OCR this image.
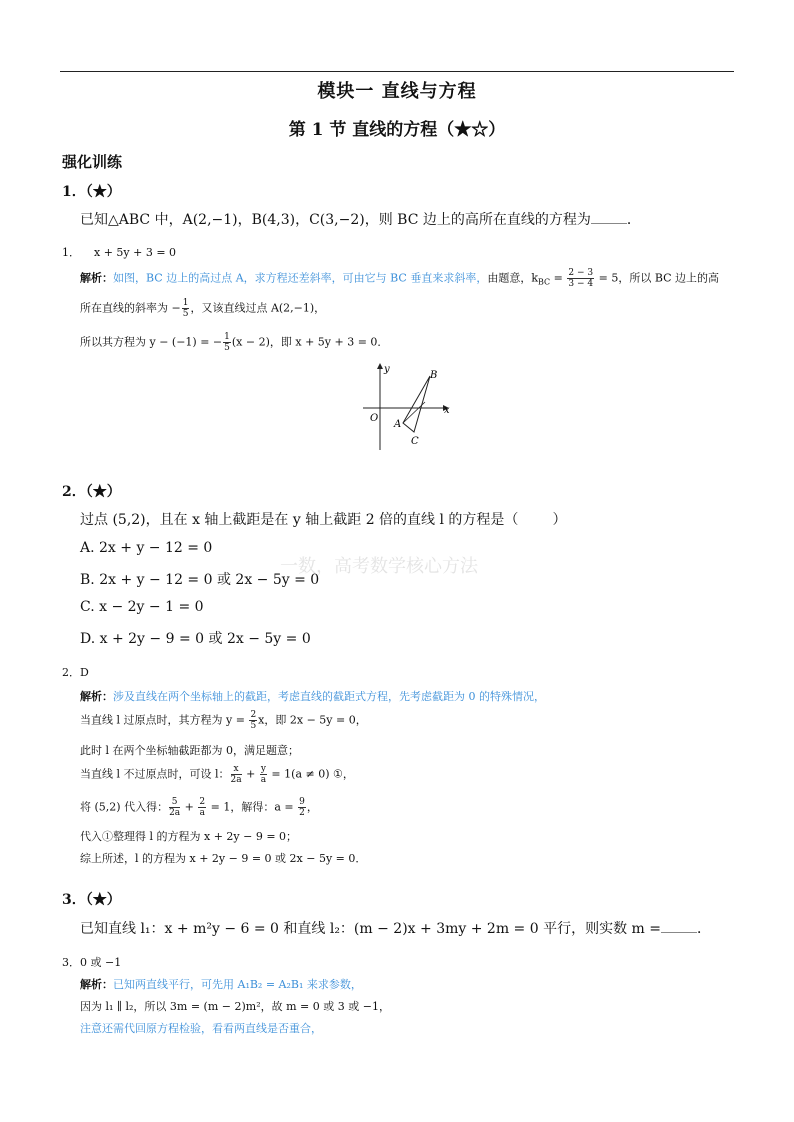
模块一 直线与方程
第 1 节 直线的方程（★☆）
强化训练
一数，高考数学核心方法
1．（★）
已知△ABC 中，A(2,−1)，B(4,3)，C(3,−2)，则 BC 边上的高所在直线的方程为	．
1． x + 5y + 3 = 0
解析：如图，BC 边上的高过点 A，求方程还差斜率，可由它与 BC 垂直来求斜率，由题意，$k_{BC} = \frac{2 - 3}{3 - 4} = 5$，所以 BC 边上的高
所在直线的斜率为 − $\frac{1}{5}$ ，又该直线过点 A(2,−1)，
所以其方程为 y − (−1) = − $\frac{1}{5} (x - 2)$，即 x + 5y + 3 = 0．
y
x
O
A
B
C
2．（★）
过点 (5,2)，且在 x 轴上截距是在 y 轴上截距 2 倍的直线 l 的方程是（ ）
A. 2x + y − 12 = 0
B. 2x + y − 12 = 0 或 2x − 5y = 0
C. x − 2y − 1 = 0
D. x + 2y − 9 = 0 或 2x − 5y = 0
2．D
解析：涉及直线在两个坐标轴上的截距，考虑直线的截距式方程，先考虑截距为 0 的特殊情况，
当直线 l 过原点时，其方程为 $y = \frac{2}{5}$ x，即 2x − 5y = 0，
此时 l 在两个坐标轴截距都为 0，满足题意；
当直线 l 不过原点时，可设 l： $\frac{x}{2a} + \frac{y}{a} = 1(a \ne 0)$ ①，
将 (5,2) 代入得： $\frac{5}{2a} + \frac{2}{a} = 1$，解得：$a = \frac{9}{2}$ ，
代入①整理得 l 的方程为 x + 2y − 9 = 0；
综上所述，l 的方程为 x + 2y − 9 = 0 或 2x − 5y = 0．
3．（★）
已知直线 l₁：x + m²y − 6 = 0 和直线 l₂：(m − 2)x + 3my + 2m = 0 平行，则实数 m =	．
3．0 或 −1
解析：已知两直线平行，可先用 A₁B₂ = A₂B₁ 来求参数，
因为 l₁ ∥ l₂，所以 3m = (m − 2)m²，故 m = 0 或 3 或 −1，
注意还需代回原方程检验，看看两直线是否重合，
